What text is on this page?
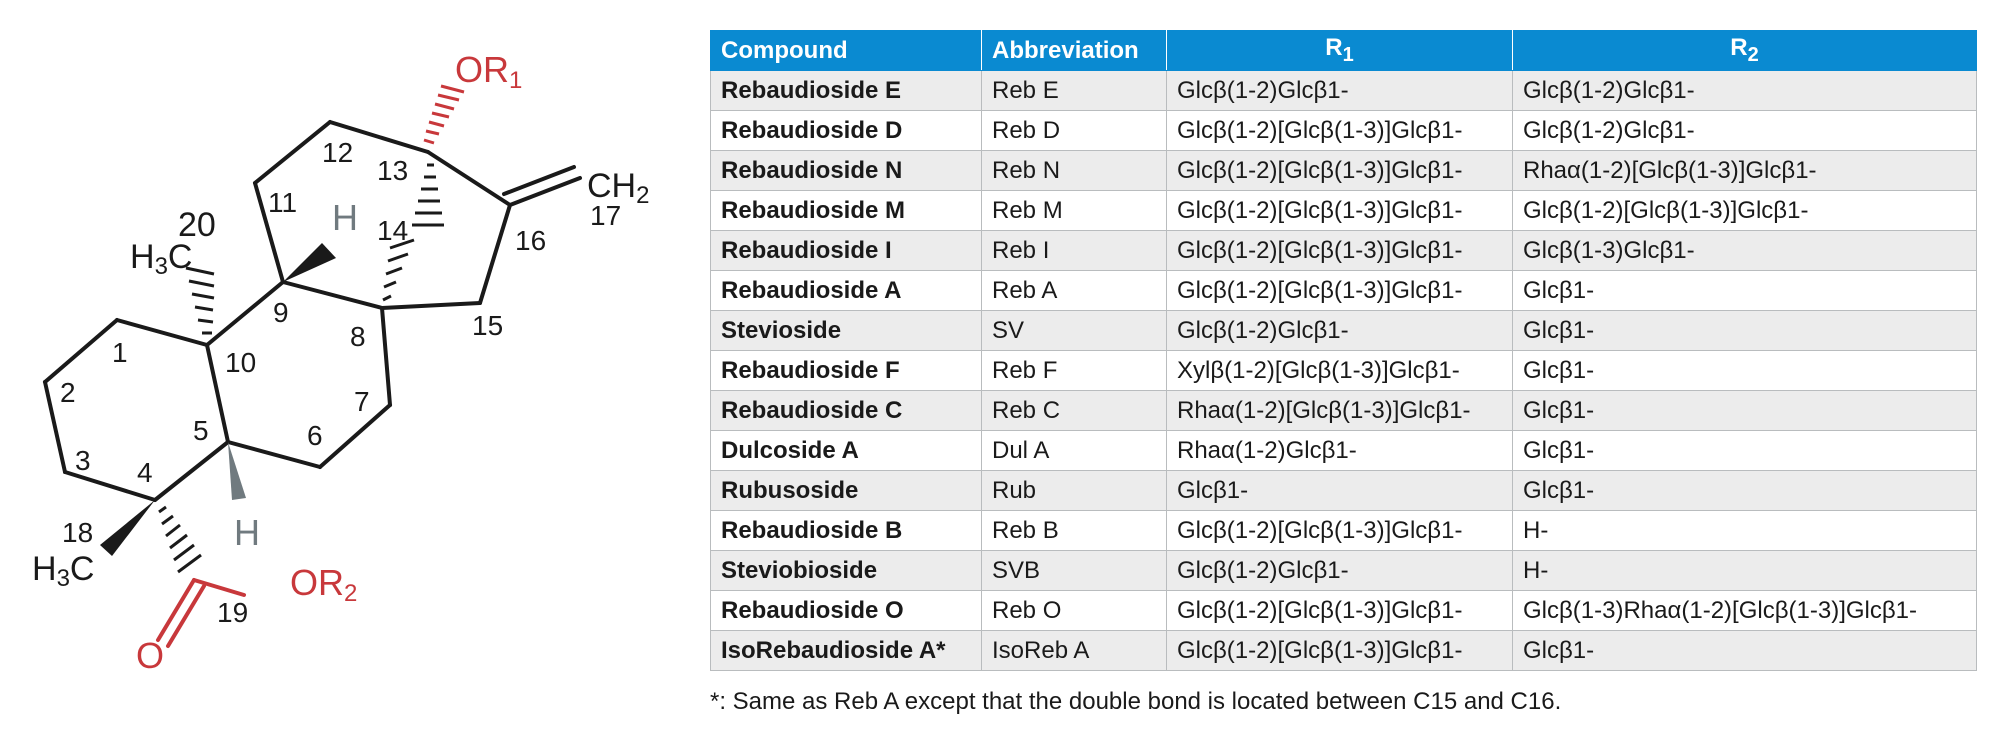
1
2
3 4
5	6
7
8
9
10
11
12
13
14
15
16
17
18
19
20
OR1
OR2
O
H
H
H3C
H3C
CH2
Compound	Abbreviation	$R_1$	$R_2$
Rebaudioside E	Reb E	Glcβ(1-2)Glcβ1-	Glcβ(1-2)Glcβ1-
Rebaudioside D	Reb D	Glcβ(1-2)[Glcβ(1-3)]Glcβ1-	Glcβ(1-2)Glcβ1-
Rebaudioside N	Reb N	Glcβ(1-2)[Glcβ(1-3)]Glcβ1-	Rhaα(1-2)[Glcβ(1-3)]Glcβ1-
Rebaudioside M	Reb M	Glcβ(1-2)[Glcβ(1-3)]Glcβ1-	Glcβ(1-2)[Glcβ(1-3)]Glcβ1-
Rebaudioside I	Reb I	Glcβ(1-2)[Glcβ(1-3)]Glcβ1-	Glcβ(1-3)Glcβ1-
Rebaudioside A	Reb A	Glcβ(1-2)[Glcβ(1-3)]Glcβ1-	Glcβ1-
Stevioside	SV	Glcβ(1-2)Glcβ1-	Glcβ1-
Rebaudioside F	Reb F	Xylβ(1-2)[Glcβ(1-3)]Glcβ1-	Glcβ1-
Rebaudioside C	Reb C	Rhaα(1-2)[Glcβ(1-3)]Glcβ1-	Glcβ1-
Dulcoside A	Dul A	Rhaα(1-2)Glcβ1-	Glcβ1-
Rubusoside	Rub	Glcβ1-	Glcβ1-
Rebaudioside B	Reb B	Glcβ(1-2)[Glcβ(1-3)]Glcβ1-	H-
Steviobioside	SVB	Glcβ(1-2)Glcβ1-	H-
Rebaudioside O	Reb O	Glcβ(1-2)[Glcβ(1-3)]Glcβ1-	Glcβ(1-3)Rhaα(1-2)[Glcβ(1-3)]Glcβ1-
IsoRebaudioside A*	IsoReb A	Glcβ(1-2)[Glcβ(1-3)]Glcβ1-	Glcβ1-
*: Same as Reb A except that the double bond is located between C15 and C16.
